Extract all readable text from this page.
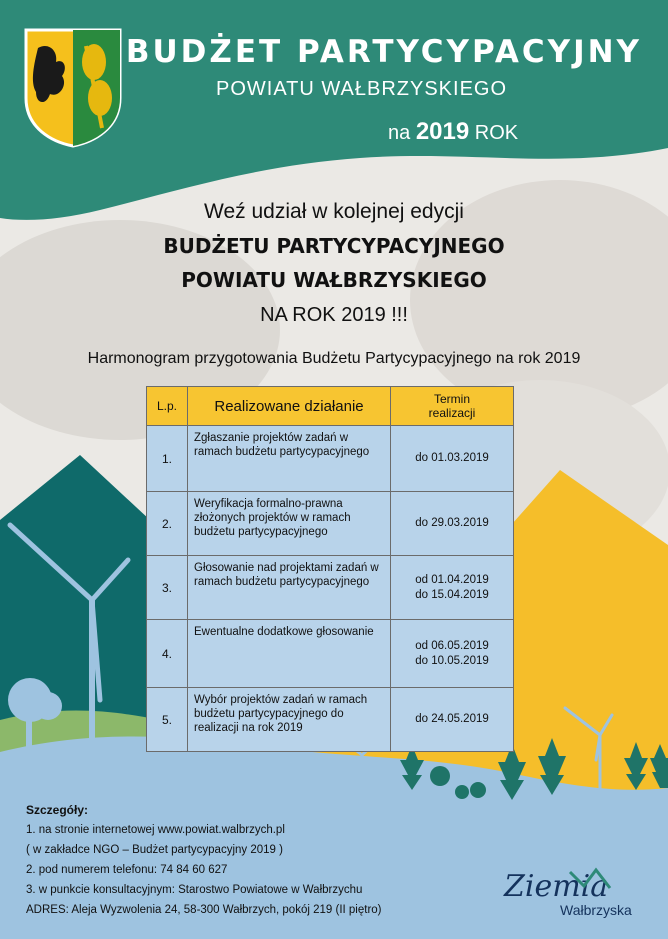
BUDŻET PARTYCYPACYJNY
POWIATU WAŁBRZYSKIEGO
na 2019 ROK
Weź udział w kolejnej edycji
BUDŻETU PARTYCYPACYJNEGO
POWIATU WAŁBRZYSKIEGO
NA ROK 2019 !!!
Harmonogram przygotowania Budżetu Partycypacyjnego na rok 2019
L.p.	Realizowane działanie	Termin
realizacji
1.	Zgłaszanie projektów zadań w ramach budżetu partycypacyjnego	do 01.03.2019
2.	Weryfikacja formalno-prawna złożonych projektów w ramach budżetu partycypacyjnego	do 29.03.2019
3.	Głosowanie nad projektami zadań w ramach budżetu partycypacyjnego	od 01.04.2019
do 15.04.2019
4.	Ewentualne dodatkowe głosowanie	od 06.05.2019
do 10.05.2019
5.	Wybór projektów zadań w ramach budżetu partycypacyjnego do realizacji na rok 2019	do 24.05.2019
Szczegóły:
1. na stronie internetowej www.powiat.walbrzych.pl
( w zakładce NGO – Budżet partycypacyjny 2019 )
2. pod numerem telefonu: 74 84 60 627
3. w punkcie konsultacyjnym: Starostwo Powiatowe w Wałbrzychu
ADRES: Aleja Wyzwolenia 24, 58-300 Wałbrzych, pokój 219 (II piętro)
Ziemia
Wałbrzyska
